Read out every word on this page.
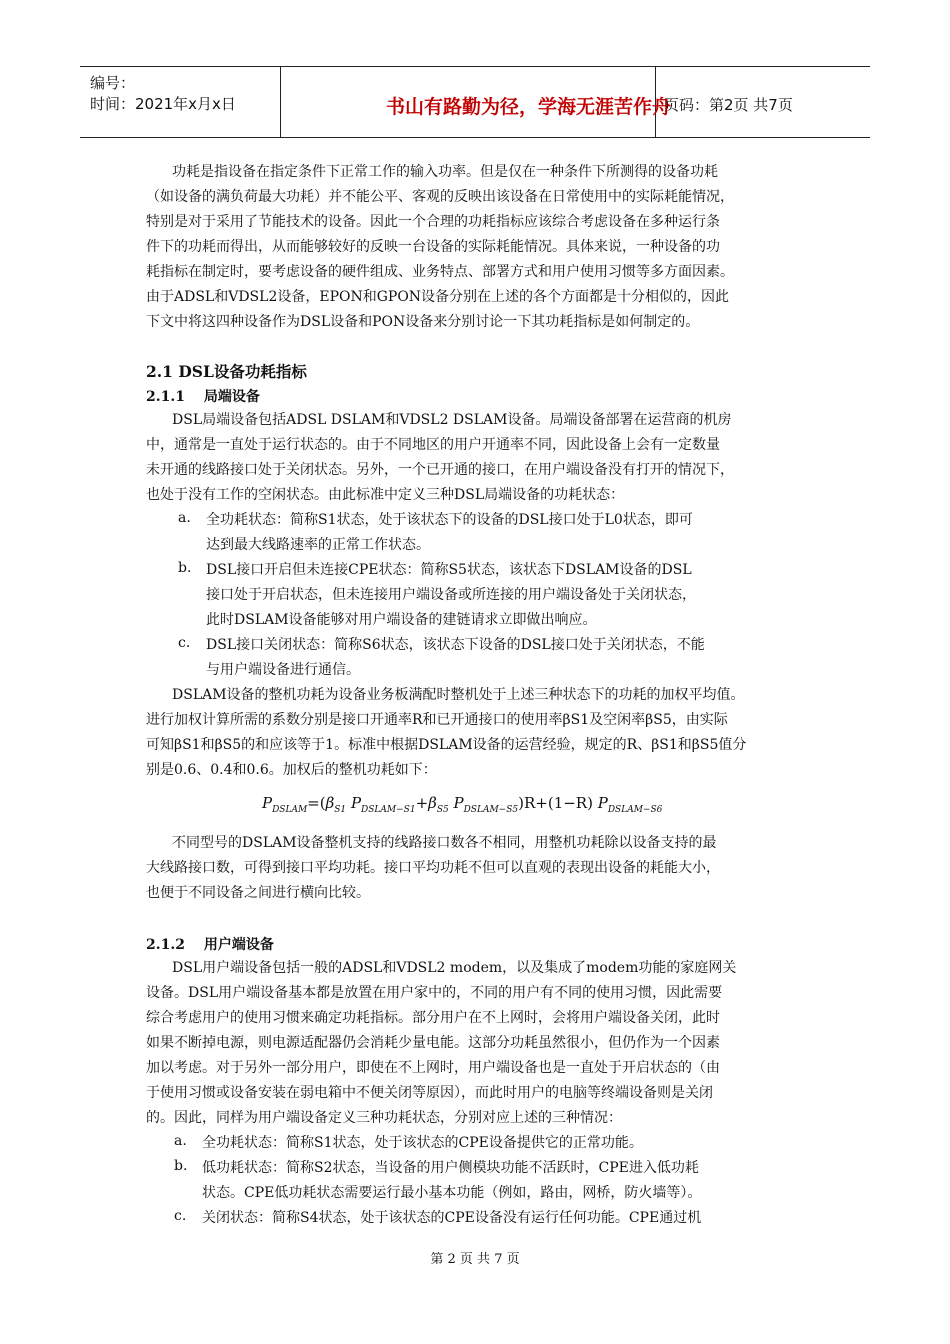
编号：
时间：2021年x月x日	书山有路勤为径，学海无涯苦作舟
页码：第2页 共7页
功耗是指设备在指定条件下正常工作的输入功率。但是仅在一种条件下所测得的设备功耗
（如设备的满负荷最大功耗）并不能公平、客观的反映出该设备在日常使用中的实际耗能情况，
特别是对于采用了节能技术的设备。因此一个合理的功耗指标应该综合考虑设备在多种运行条
件下的功耗而得出，从而能够较好的反映一台设备的实际耗能情况。具体来说，一种设备的功
耗指标在制定时，要考虑设备的硬件组成、业务特点、部署方式和用户使用习惯等多方面因素。
由于ADSL和VDSL2设备，EPON和GPON设备分别在上述的各个方面都是十分相似的，因此
下文中将这四种设备作为DSL设备和PON设备来分别讨论一下其功耗指标是如何制定的。
2.1 DSL设备功耗指标
2.1.1　 局端设备
DSL局端设备包括ADSL DSLAM和VDSL2 DSLAM设备。局端设备部署在运营商的机房
中，通常是一直处于运行状态的。由于不同地区的用户开通率不同，因此设备上会有一定数量
未开通的线路接口处于关闭状态。另外，一个已开通的接口，在用户端设备没有打开的情况下，
也处于没有工作的空闲状态。由此标准中定义三种DSL局端设备的功耗状态：
a. 全功耗状态：简称S1状态，处于该状态下的设备的DSL接口处于L0状态，即可
达到最大线路速率的正常工作状态。
b. DSL接口开启但未连接CPE状态：简称S5状态，该状态下DSLAM设备的DSL
接口处于开启状态，但未连接用户端设备或所连接的用户端设备处于关闭状态，
此时DSLAM设备能够对用户端设备的建链请求立即做出响应。
c. DSL接口关闭状态：简称S6状态，该状态下设备的DSL接口处于关闭状态，不能
与用户端设备进行通信。
DSLAM设备的整机功耗为设备业务板满配时整机处于上述三种状态下的功耗的加权平均值。
进行加权计算所需的系数分别是接口开通率R和已开通接口的使用率βS1及空闲率βS5，由实际
可知βS1和βS5的和应该等于1。标准中根据DSLAM设备的运营经验，规定的R、βS1和βS5值分
别是0.6、0.4和0.6。加权后的整机功耗如下：
$P_{DSLAM}=(\beta_{S1}$ $P_{DSLAM-S1}+\beta_{S5}$ $P_{DSLAM-S5})R+(1-R)$ $P_{DSLAM-S6}$
不同型号的DSLAM设备整机支持的线路接口数各不相同，用整机功耗除以设备支持的最
大线路接口数，可得到接口平均功耗。接口平均功耗不但可以直观的表现出设备的耗能大小，
也便于不同设备之间进行横向比较。
2.1.2　 用户端设备
DSL用户端设备包括一般的ADSL和VDSL2 modem，以及集成了modem功能的家庭网关
设备。DSL用户端设备基本都是放置在用户家中的，不同的用户有不同的使用习惯，因此需要
综合考虑用户的使用习惯来确定功耗指标。部分用户在不上网时，会将用户端设备关闭，此时
如果不断掉电源，则电源适配器仍会消耗少量电能。这部分功耗虽然很小，但仍作为一个因素
加以考虑。对于另外一部分用户，即使在不上网时，用户端设备也是一直处于开启状态的（由
于使用习惯或设备安装在弱电箱中不便关闭等原因），而此时用户的电脑等终端设备则是关闭
的。因此，同样为用户端设备定义三种功耗状态，分别对应上述的三种情况：
a. 全功耗状态：简称S1状态，处于该状态的CPE设备提供它的正常功能。
b. 低功耗状态：简称S2状态，当设备的用户侧模块功能不活跃时，CPE进入低功耗
状态。CPE低功耗状态需要运行最小基本功能（例如，路由，网桥，防火墙等）。
c. 关闭状态：简称S4状态，处于该状态的CPE设备没有运行任何功能。CPE通过机
第 2 页 共 7 页
